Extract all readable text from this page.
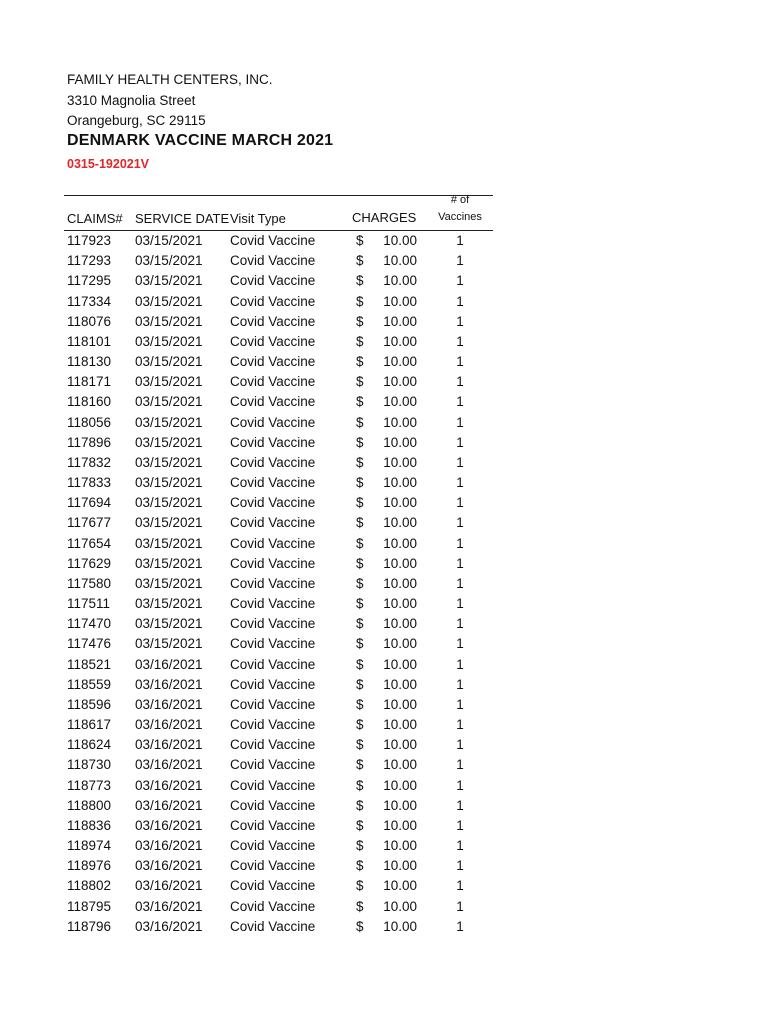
FAMILY HEALTH CENTERS, INC.
3310 Magnolia Street
Orangeburg, SC 29115
DENMARK VACCINE MARCH 2021
0315-192021V
CLAIMS# SERVICE DATE Visit Type	CHARGES
# of
Vaccines
117923 03/15/2021 Covid Vaccine	$	10.00	1
117293 03/15/2021 Covid Vaccine	$	10.00	1
117295 03/15/2021 Covid Vaccine	$	10.00	1
117334 03/15/2021 Covid Vaccine	$	10.00	1
118076 03/15/2021 Covid Vaccine	$	10.00	1
118101 03/15/2021 Covid Vaccine	$	10.00	1
118130 03/15/2021 Covid Vaccine	$	10.00	1
118171 03/15/2021 Covid Vaccine	$	10.00	1
118160 03/15/2021 Covid Vaccine	$	10.00	1
118056 03/15/2021 Covid Vaccine	$	10.00	1
117896 03/15/2021 Covid Vaccine	$	10.00	1
117832 03/15/2021 Covid Vaccine	$	10.00	1
117833 03/15/2021 Covid Vaccine	$	10.00	1
117694 03/15/2021 Covid Vaccine	$	10.00	1
117677 03/15/2021 Covid Vaccine	$	10.00	1
117654 03/15/2021 Covid Vaccine	$	10.00	1
117629 03/15/2021 Covid Vaccine	$	10.00	1
117580 03/15/2021 Covid Vaccine	$	10.00	1
117511 03/15/2021 Covid Vaccine	$	10.00	1
117470 03/15/2021 Covid Vaccine	$	10.00	1
117476 03/15/2021 Covid Vaccine	$	10.00	1
118521 03/16/2021 Covid Vaccine	$	10.00	1
118559 03/16/2021 Covid Vaccine	$	10.00	1
118596 03/16/2021 Covid Vaccine	$	10.00	1
118617 03/16/2021 Covid Vaccine	$	10.00	1
118624 03/16/2021 Covid Vaccine	$	10.00	1
118730 03/16/2021 Covid Vaccine	$	10.00	1
118773 03/16/2021 Covid Vaccine	$	10.00	1
118800 03/16/2021 Covid Vaccine	$	10.00	1
118836 03/16/2021 Covid Vaccine	$	10.00	1
118974 03/16/2021 Covid Vaccine	$	10.00	1
118976 03/16/2021 Covid Vaccine	$	10.00	1
118802 03/16/2021 Covid Vaccine	$	10.00	1
118795 03/16/2021 Covid Vaccine	$	10.00	1
118796 03/16/2021 Covid Vaccine	$	10.00	1
